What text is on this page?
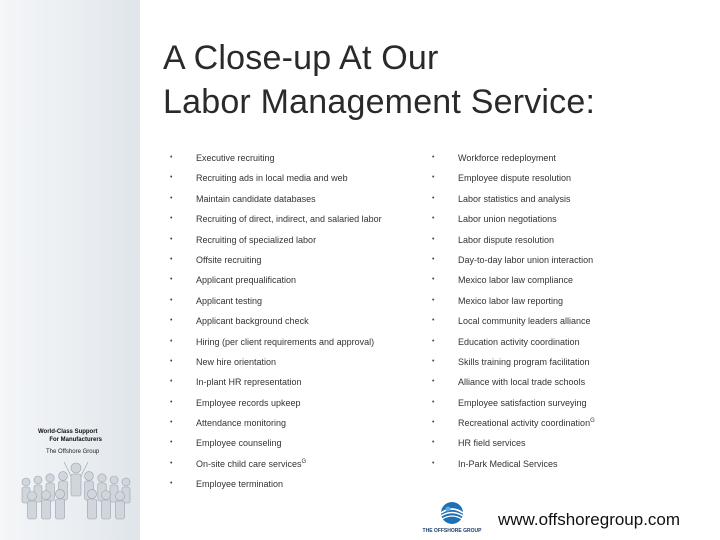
World-Class Support
For Manufacturers
The Offshore Group
A Close-up At Our
Labor Management Service:
•	Executive recruiting
•	Recruiting ads in local media and web
•	Maintain candidate databases
•	Recruiting of direct, indirect, and salaried labor
•	Recruiting of specialized labor
•	Offsite recruiting
•	Applicant prequalification
•	Applicant testing
•	Applicant background check
•	Hiring (per client requirements and approval)
•	New hire orientation
•	In-plant HR representation
•	Employee records upkeep
•	Attendance monitoring
•	Employee counseling
•	On-site child care services$^G$
•	Employee termination
•	Workforce redeployment
•	Employee dispute resolution
•	Labor statistics and analysis
•	Labor union negotiations
•	Labor dispute resolution
•	Day-to-day labor union interaction
•	Mexico labor law compliance
•	Mexico labor law reporting
•	Local community leaders alliance
•	Education activity coordination
•	Skills training program facilitation
•	Alliance with local trade schools
•	Employee satisfaction surveying
•	Recreational activity coordination$^G$
•	HR field services
•	In-Park Medical Services
THE OFFSHORE GROUP
www.offshoregroup.com
